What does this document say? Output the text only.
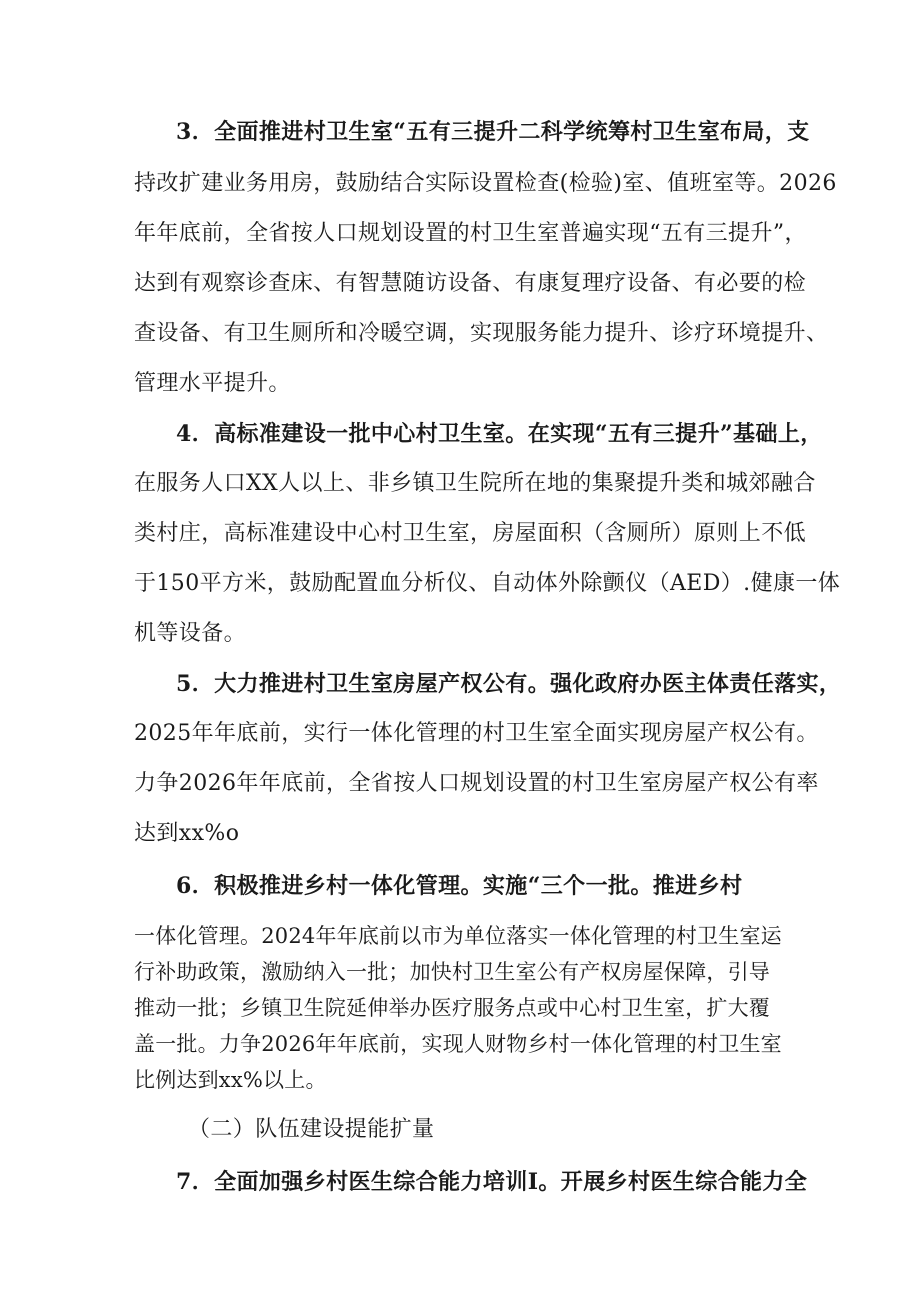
3．全面推进村卫生室“五有三提升二科学统筹村卫生室布局，支
持改扩建业务用房，鼓励结合实际设置检查(检验)室、值班室等。2026
年年底前，全省按人口规划设置的村卫生室普遍实现“五有三提升”，
达到有观察诊查床、有智慧随访设备、有康复理疗设备、有必要的检
查设备、有卫生厕所和冷暖空调，实现服务能力提升、诊疗环境提升、
管理水平提升。
4．高标准建设一批中心村卫生室。在实现“五有三提升”基础上，
在服务人口XX人以上、非乡镇卫生院所在地的集聚提升类和城郊融合
类村庄，高标准建设中心村卫生室，房屋面积（含厕所）原则上不低
于150平方米，鼓励配置血分析仪、自动体外除颤仪（AED）.健康一体
机等设备。
5．大力推进村卫生室房屋产权公有。强化政府办医主体责任落实，
2025年年底前，实行一体化管理的村卫生室全面实现房屋产权公有。
力争2026年年底前，全省按人口规划设置的村卫生室房屋产权公有率
达到xx%o
6．积极推进乡村一体化管理。实施“三个一批。推进乡村
一体化管理。2024年年底前以市为单位落实一体化管理的村卫生室运
行补助政策，激励纳入一批；加快村卫生室公有产权房屋保障，引导
推动一批；乡镇卫生院延伸举办医疗服务点或中心村卫生室，扩大覆
盖一批。力争2026年年底前，实现人财物乡村一体化管理的村卫生室
比例达到xx%以上。
（二）队伍建设提能扩量
7．全面加强乡村医生综合能力培训I。开展乡村医生综合能力全
